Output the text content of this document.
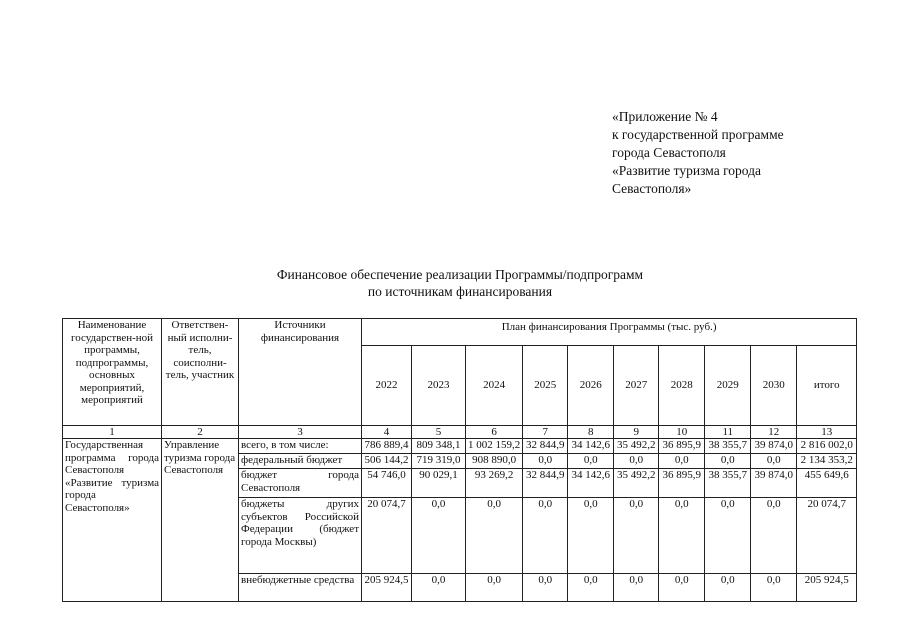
«Приложение № 4
к государственной программе
города Севастополя
«Развитие туризма города
Севастополя»
Финансовое обеспечение реализации Программы/подпрограмм
по источникам финансирования
Наименование государствен-ной программы, подпрограммы, основных мероприятий, мероприятий	Ответствен-ный исполни-тель, соисполни-тель, участник	Источники финансирования	План финансирования Программы (тыс. руб.)									
			2022	2023	2024	2025	2026	2027	2028	2029	2030	итого
1	2	3	4	5	6	7	8	9	10	11	12	13
Государственная программа города Севастополя «Развитие туризма города Севастополя»	Управление туризма города Севастополя	всего, в том числе:	786 889,4	809 348,1	1 002 159,2	32 844,9	34 142,6	35 492,2	36 895,9	38 355,7	39 874,0	2 816 002,0
		федеральный бюджет	506 144,2	719 319,0	908 890,0	0,0	0,0	0,0	0,0	0,0	0,0	2 134 353,2
		бюджет города Севастополя	54 746,0	90 029,1	93 269,2	32 844,9	34 142,6	35 492,2	36 895,9	38 355,7	39 874,0	455 649,6
		бюджеты других субъектов Российской Федерации (бюджет города Москвы)	20 074,7	0,0	0,0	0,0	0,0	0,0	0,0	0,0	0,0	20 074,7
		внебюджетные средства	205 924,5	0,0	0,0	0,0	0,0	0,0	0,0	0,0	0,0	205 924,5
